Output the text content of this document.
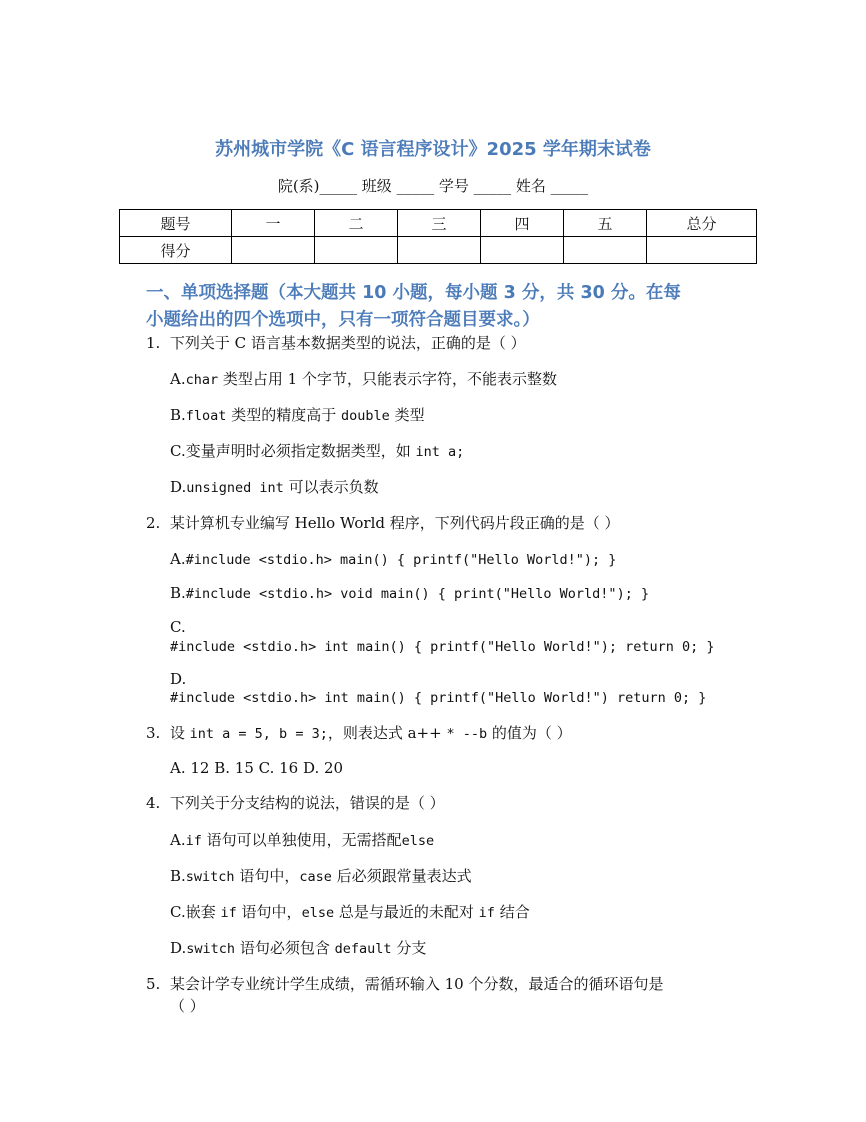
苏州城市学院《C 语言程序设计》2025 学年期末试卷
院(系)_____ 班级 _____ 学号 _____ 姓名 _____
题号	一	二	三	四	五	总分
得分						
一、单项选择题（本大题共 10 小题，每小题 3 分，共 30 分。在每
小题给出的四个选项中，只有一项符合题目要求。）
1. 下列关于 C 语言基本数据类型的说法，正确的是（ ）
A.char 类型占用 1 个字节，只能表示字符，不能表示整数
B.float 类型的精度高于 double 类型
C.变量声明时必须指定数据类型，如 int a;
D.unsigned int 可以表示负数
2. 某计算机专业编写 Hello World 程序，下列代码片段正确的是（ ）
A.#include <stdio.h> main() { printf("Hello World!"); }
B.#include <stdio.h> void main() { print("Hello World!"); }
C.
#include <stdio.h> int main() { printf("Hello World!"); return 0; }
D.
#include <stdio.h> int main() { printf("Hello World!") return 0; }
3. 设 int a = 5, b = 3;，则表达式 a++ * --b 的值为（ ）
A. 12 B. 15 C. 16 D. 20
4. 下列关于分支结构的说法，错误的是（ ）
A.if 语句可以单独使用，无需搭配else
B.switch 语句中，case 后必须跟常量表达式
C.嵌套 if 语句中，else 总是与最近的未配对 if 结合
D.switch 语句必须包含 default 分支
5. 某会计学专业统计学生成绩，需循环输入 10 个分数，最适合的循环语句是
（ ）
